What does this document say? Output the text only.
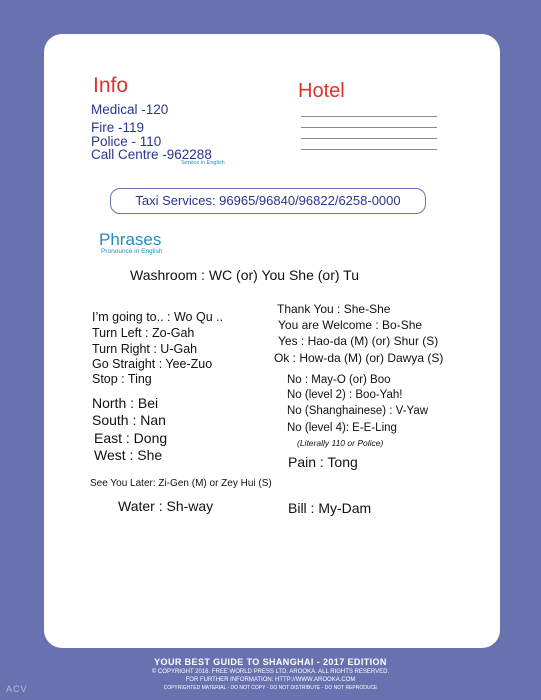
Info
Medical -120
Fire -119
Police - 110
Call Centre -962288
Service in English
Hotel
Taxi Services: 96965/96840/96822/6258-0000
Phrases
Pronounce in English
Washroom : WC (or) You She (or) Tu
I’m going to.. : Wo Qu ..
Turn Left : Zo-Gah
Turn Right : U-Gah
Go Straight : Yee-Zuo
Stop : Ting
North : Bei
South : Nan
East : Dong
West : She
See You Later: Zi-Gen (M) or Zey Hui (S)
Water : Sh-way
Thank You : She-She
You are Welcome : Bo-She
Yes : Hao-da (M) (or) Shur (S)
Ok : How-da (M) (or) Dawya (S)
No : May-O (or) Boo
No (level 2) : Boo-Yah!
No (Shanghainese) : V-Yaw
No (level 4): E-E-Ling
(Literally 110 or Police)
Pain : Tong
Bill : My-Dam
YOUR BEST GUIDE TO SHANGHAI - 2017 EDITION
© COPYRIGHT 2016. FREE WORLD PRESS LTD. AROOKA. ALL RIGHTS RESERVED.
FOR FURTHER INFORMATION: HTTP://WWW.AROOKA.COM
COPYRIGHTED MATERIAL - DO NOT COPY - DO NOT DISTRIBUTE - DO NOT REPRODUCE
ACV
